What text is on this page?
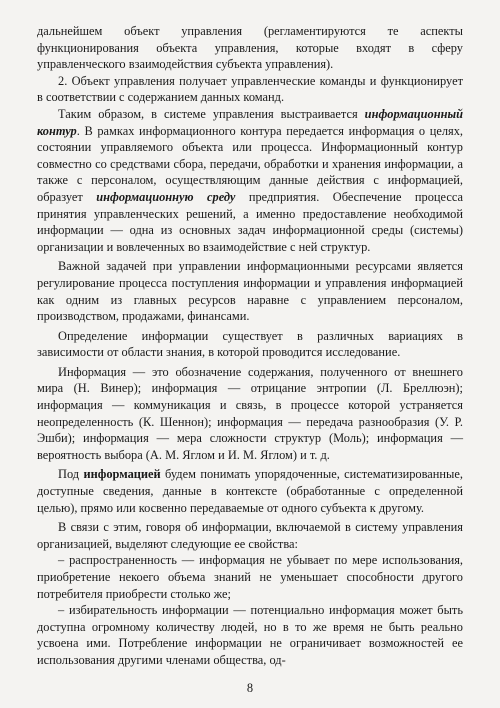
дальнейшем объект управления (регламентируются те аспекты функционирования объекта управления, которые входят в сферу управленческого взаимодействия субъекта управления).

2. Объект управления получает управленческие команды и функционирует в соответствии с содержанием данных команд.

Таким образом, в системе управления выстраивается информационный контур. В рамках информационного контура передается информация о целях, состоянии управляемого объекта или процесса. Информационный контур совместно со средствами сбора, передачи, обработки и хранения информации, а также с персоналом, осуществляющим данные действия с информацией, образует информационную среду предприятия. Обеспечение процесса принятия управленческих решений, а именно предоставление необходимой информации — одна из основных задач информационной среды (системы) организации и вовлеченных во взаимодействие с ней структур.

Важной задачей при управлении информационными ресурсами является регулирование процесса поступления информации и управления информацией как одним из главных ресурсов наравне с управлением персоналом, производством, продажами, финансами.

Определение информации существует в различных вариациях в зависимости от области знания, в которой проводится исследование.

Информация — это обозначение содержания, полученного от внешнего мира (Н. Винер); информация — отрицание энтропии (Л. Бреллюэн); информация — коммуникация и связь, в процессе которой устраняется неопределенность (К. Шеннон); информация — передача разнообразия (У. Р. Эшби); информация — мера сложности структур (Моль); информация — вероятность выбора (А. М. Яглом и И. М. Яглом) и т. д.

Под информацией будем понимать упорядоченные, систематизированные, доступные сведения, данные в контексте (обработанные с определенной целью), прямо или косвенно передаваемые от одного субъекта к другому.

В связи с этим, говоря об информации, включаемой в систему управления организацией, выделяют следующие ее свойства:

– распространенность — информация не убывает по мере использования, приобретение некоего объема знаний не уменьшает способности другого потребителя приобрести столько же;

– избирательность информации — потенциально информация может быть доступна огромному количеству людей, но в то же время не быть реально усвоена ими. Потребление информации не ограничивает возможностей ее использования другими членами общества, од-

8
